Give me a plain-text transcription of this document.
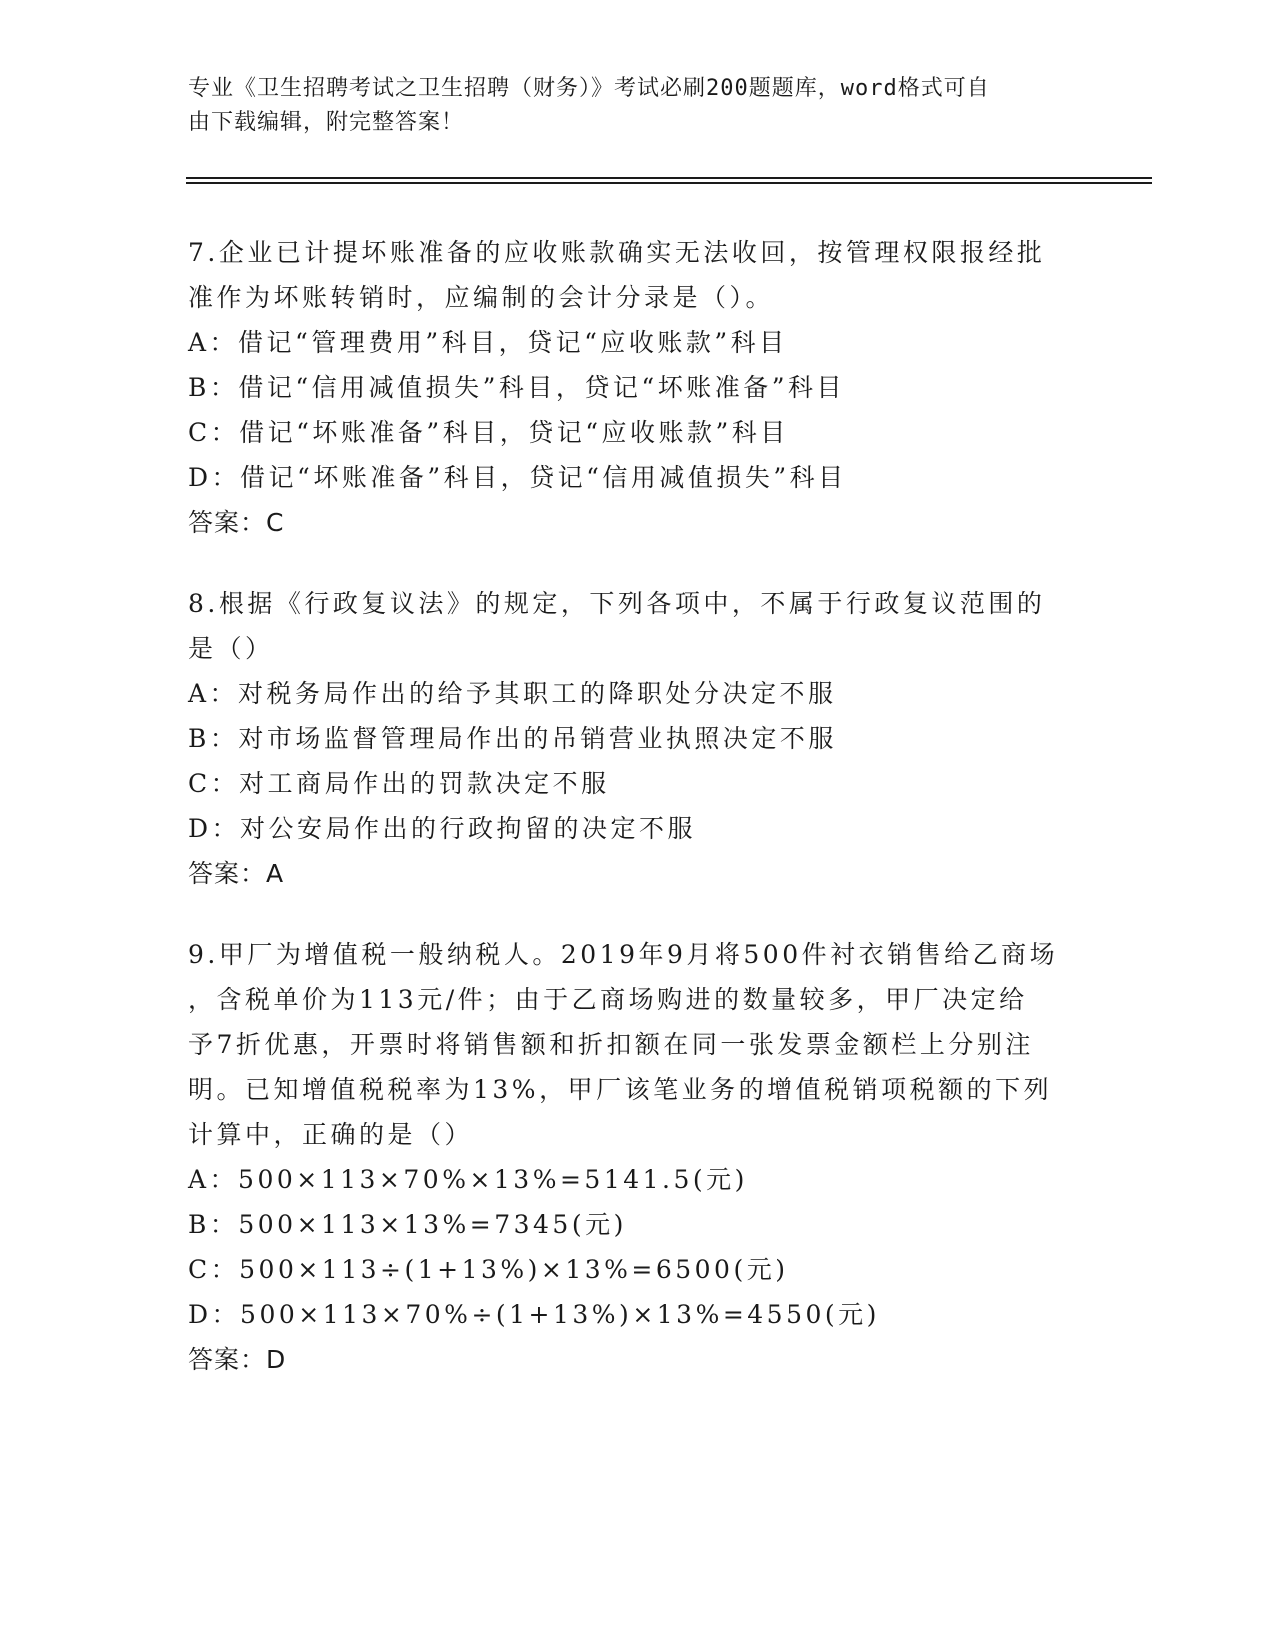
专业《卫生招聘考试之卫生招聘（财务）》考试必刷200题题库，word格式可自
由下载编辑，附完整答案！

7.企业已计提坏账准备的应收账款确实无法收回，按管理权限报经批
准作为坏账转销时，应编制的会计分录是（）。

A：借记“管理费用”科目，贷记“应收账款”科目

B：借记“信用减值损失”科目，贷记“坏账准备”科目

C：借记“坏账准备”科目，贷记“应收账款”科目

D：借记“坏账准备”科目，贷记“信用减值损失”科目

答案：C

8.根据《行政复议法》的规定，下列各项中，不属于行政复议范围的
是（）

A：对税务局作出的给予其职工的降职处分决定不服

B：对市场监督管理局作出的吊销营业执照决定不服

C：对工商局作出的罚款决定不服

D：对公安局作出的行政拘留的决定不服

答案：A

9.甲厂为增值税一般纳税人。2019年9月将500件衬衣销售给乙商场
，含税单价为113元/件；由于乙商场购进的数量较多，甲厂决定给
予7折优惠，开票时将销售额和折扣额在同一张发票金额栏上分别注
明。已知增值税税率为13%，甲厂该笔业务的增值税销项税额的下列
计算中，正确的是（）

A：500×113×70%×13%=5141.5(元)

B：500×113×13%=7345(元)

C：500×113÷(1+13%)×13%=6500(元)

D：500×113×70%÷(1+13%)×13%=4550(元)

答案：D
